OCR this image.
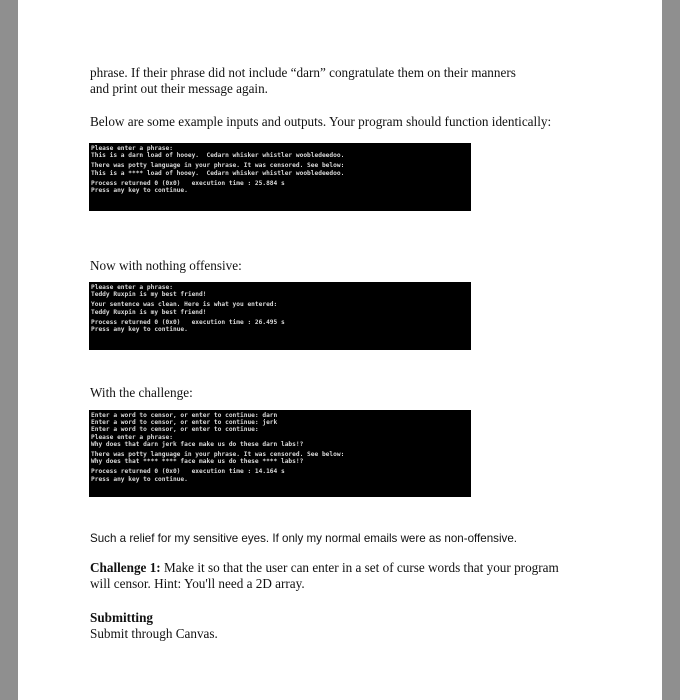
phrase. If their phrase did not include “darn” congratulate them on their manners
and print out their message again.
Below are some example inputs and outputs. Your program should function identically:
Please enter a phrase:
This is a darn load of hooey.  Cedarn whisker whistler woobledeedoo.
There was potty language in your phrase. It was censored. See below:
This is a **** load of hooey.  Cedarn whisker whistler woobledeedoo.
Process returned 0 (0x0)   execution time : 25.884 s
Press any key to continue.
Now with nothing offensive:
Please enter a phrase:
Teddy Ruxpin is my best friend!
Your sentence was clean. Here is what you entered:
Teddy Ruxpin is my best friend!
Process returned 0 (0x0)   execution time : 26.495 s
Press any key to continue.
With the challenge:
Enter a word to censor, or enter to continue: darn
Enter a word to censor, or enter to continue: jerk
Enter a word to censor, or enter to continue:
Please enter a phrase:
Why does that darn jerk face make us do these darn labs!?
There was potty language in your phrase. It was censored. See below:
Why does that **** **** face make us do these **** labs!?
Process returned 0 (0x0)   execution time : 14.164 s
Press any key to continue.
Such a relief for my sensitive eyes. If only my normal emails were as non-offensive.
Challenge 1: Make it so that the user can enter in a set of curse words that your program
will censor. Hint: You'll need a 2D array.
Submitting
Submit through Canvas.
